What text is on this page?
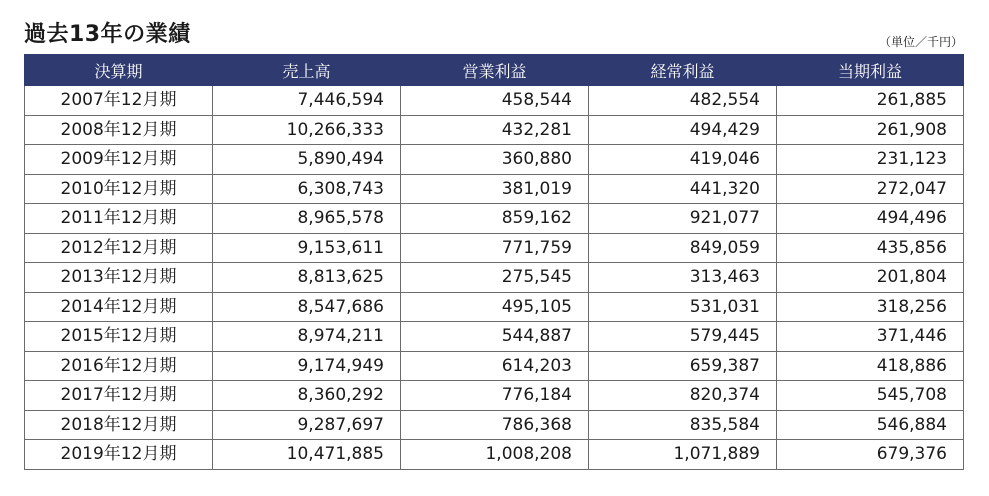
過去13年の業績	（単位／千円）
決算期	売上高	営業利益	経常利益	当期利益
2007年12月期	7,446,594	458,544	482,554	261,885
2008年12月期	10,266,333	432,281	494,429	261,908
2009年12月期	5,890,494	360,880	419,046	231,123
2010年12月期	6,308,743	381,019	441,320	272,047
2011年12月期	8,965,578	859,162	921,077	494,496
2012年12月期	9,153,611	771,759	849,059	435,856
2013年12月期	8,813,625	275,545	313,463	201,804
2014年12月期	8,547,686	495,105	531,031	318,256
2015年12月期	8,974,211	544,887	579,445	371,446
2016年12月期	9,174,949	614,203	659,387	418,886
2017年12月期	8,360,292	776,184	820,374	545,708
2018年12月期	9,287,697	786,368	835,584	546,884
2019年12月期	10,471,885	1,008,208	1,071,889	679,376
